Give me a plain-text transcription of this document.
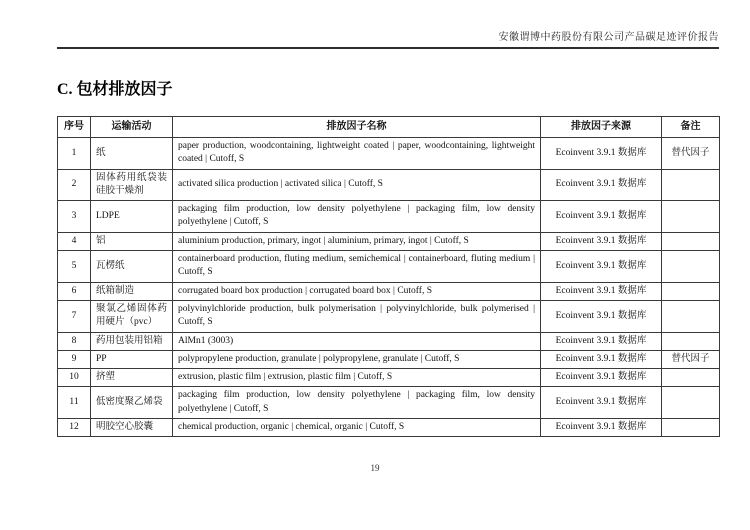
安徽谓博中药股份有限公司产品碳足迹评价报告
C. 包材排放因子
序号	运输活动	排放因子名称	排放因子来源	备注
1	纸	paper production, woodcontaining, lightweight coated | paper, woodcontaining, lightweight coated | Cutoff, S	Ecoinvent 3.9.1 数据库	替代因子
2	固体药用纸袋装硅胶干燥剂	activated silica production | activated silica | Cutoff, S	Ecoinvent 3.9.1 数据库	
3	LDPE	packaging film production, low density polyethylene | packaging film, low density polyethylene | Cutoff, S	Ecoinvent 3.9.1 数据库	
4	铝	aluminium production, primary, ingot | aluminium, primary, ingot | Cutoff, S	Ecoinvent 3.9.1 数据库	
5	瓦楞纸	containerboard production, fluting medium, semichemical | containerboard, fluting medium | Cutoff, S	Ecoinvent 3.9.1 数据库	
6	纸箱制造	corrugated board box production | corrugated board box | Cutoff, S	Ecoinvent 3.9.1 数据库	
7	聚氯乙烯固体药用硬片（pvc）	polyvinylchloride production, bulk polymerisation | polyvinylchloride, bulk polymerised | Cutoff, S	Ecoinvent 3.9.1 数据库	
8	药用包装用铝箱	AlMn1 (3003)	Ecoinvent 3.9.1 数据库	
9	PP	polypropylene production, granulate | polypropylene, granulate | Cutoff, S	Ecoinvent 3.9.1 数据库	替代因子
10	挤塑	extrusion, plastic film | extrusion, plastic film | Cutoff, S	Ecoinvent 3.9.1 数据库	
11	低密度聚乙烯袋	packaging film production, low density polyethylene | packaging film, low density polyethylene | Cutoff, S	Ecoinvent 3.9.1 数据库	
12	明胶空心胶囊	chemical production, organic | chemical, organic | Cutoff, S	Ecoinvent 3.9.1 数据库	
19
